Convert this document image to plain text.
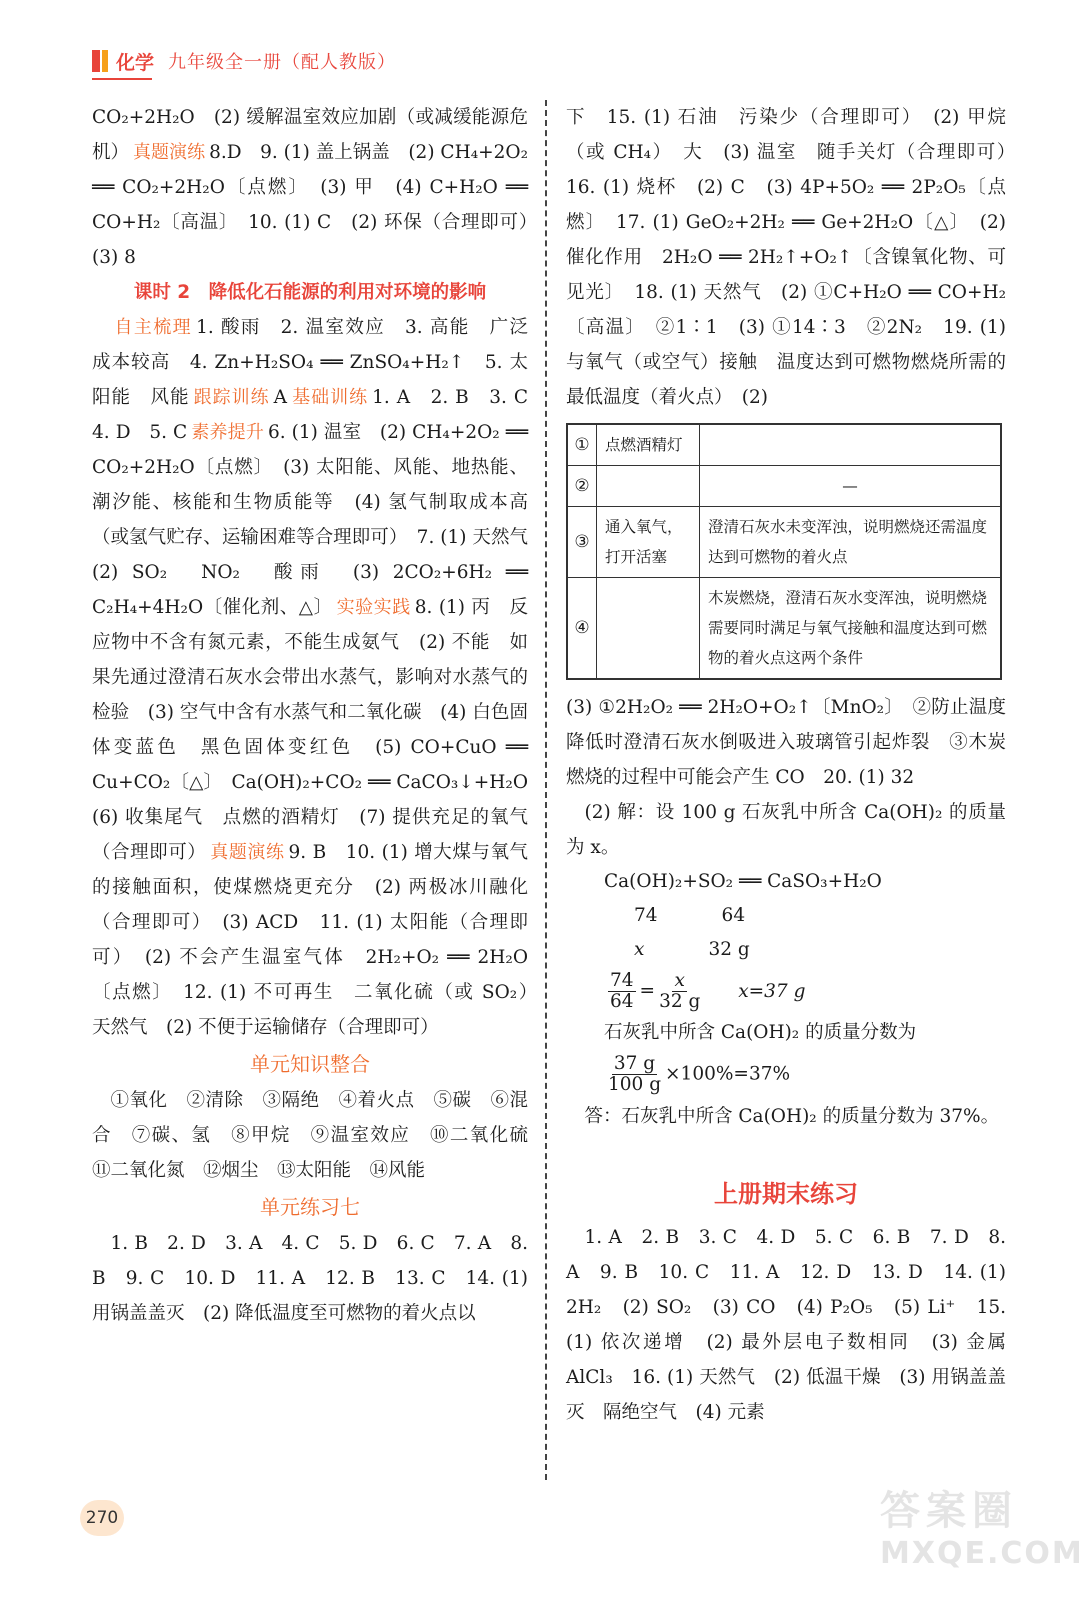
化学 九年级全一册（配人教版）

CO₂+2H₂O　(2) 缓解温室效应加剧（或减缓能源危机） 真题演练 8.D　9. (1) 盖上锅盖　(2) CH₄+2O₂ ══ CO₂+2H₂O〔点燃〕　(3) 甲　(4) C+H₂O ══ CO+H₂〔高温〕　10. (1) C　(2) 环保（合理即可）　(3) 8

课时 2　降低化石能源的利用对环境的影响

自主梳理 1. 酸雨　2. 温室效应　3. 高能　广泛　成本较高　4. Zn+H₂SO₄ ══ ZnSO₄+H₂↑　5. 太阳能　风能 跟踪训练 A 基础训练 1. A　2. B　3. C　4. D　5. C 素养提升 6. (1) 温室　(2) CH₄+2O₂ ══ CO₂+2H₂O〔点燃〕　(3) 太阳能、风能、地热能、潮汐能、核能和生物质能等　(4) 氢气制取成本高（或氢气贮存、运输困难等合理即可）　7. (1) 天然气　(2) SO₂　NO₂　酸雨　(3) 2CO₂+6H₂ ══ C₂H₄+4H₂O〔催化剂、△〕 实验实践 8. (1) 丙　反应物中不含有氮元素，不能生成氨气　(2) 不能　如果先通过澄清石灰水会带出水蒸气，影响对水蒸气的检验　(3) 空气中含有水蒸气和二氧化碳　(4) 白色固体变蓝色　黑色固体变红色　(5) CO+CuO ══ Cu+CO₂〔△〕　Ca(OH)₂+CO₂ ══ CaCO₃↓+H₂O　(6) 收集尾气　点燃的酒精灯　(7) 提供充足的氧气（合理即可） 真题演练 9. B　10. (1) 增大煤与氧气的接触面积，使煤燃烧更充分　(2) 两极冰川融化（合理即可）　(3) ACD　11. (1) 太阳能（合理即可）　(2) 不会产生温室气体　2H₂+O₂ ══ 2H₂O〔点燃〕　12. (1) 不可再生　二氧化硫（或 SO₂）　天然气　(2) 不便于运输储存（合理即可）

单元知识整合

①氧化　②清除　③隔绝　④着火点　⑤碳　⑥混合　⑦碳、氢　⑧甲烷　⑨温室效应　⑩二氧化硫　⑪二氧化氮　⑫烟尘　⑬太阳能　⑭风能

单元练习七

1. B　2. D　3. A　4. C　5. D　6. C　7. A　8. B　9. C　10. D　11. A　12. B　13. C　14. (1) 用锅盖盖灭　(2) 降低温度至可燃物的着火点以

下　15. (1) 石油　污染少（合理即可）　(2) 甲烷（或 CH₄）　大　(3) 温室　随手关灯（合理即可）　16. (1) 烧杯　(2) C　(3) 4P+5O₂ ══ 2P₂O₅〔点燃〕　17. (1) GeO₂+2H₂ ══ Ge+2H₂O〔△〕　(2) 催化作用　2H₂O ══ 2H₂↑+O₂↑〔含镍氧化物、可见光〕　18. (1) 天然气　(2) ①C+H₂O ══ CO+H₂〔高温〕　②1∶1　(3) ①14∶3　②2N₂　19. (1) 与氧气（或空气）接触　温度达到可燃物燃烧所需的最低温度（着火点）　(2)

①	点燃酒精灯	
②		—
③	通入氧气，打开活塞	澄清石灰水未变浑浊，说明燃烧还需温度达到可燃物的着火点
④		木炭燃烧，澄清石灰水变浑浊，说明燃烧需要同时满足与氧气接触和温度达到可燃物的着火点这两个条件

(3) ①2H₂O₂ ══ 2H₂O+O₂↑〔MnO₂〕　②防止温度降低时澄清石灰水倒吸进入玻璃管引起炸裂　③木炭燃烧的过程中可能会产生 CO　20. (1) 32

(2) 解：设 100 g 石灰乳中所含 Ca(OH)₂ 的质量为 x。

Ca(OH)₂+SO₂ ══ CaSO₃+H₂O
74	64
x	32 g
$\frac{74}{64} = \frac{x}{32 g} x=37$ g
石灰乳中所含 Ca(OH)₂ 的质量分数为
$\frac{37 g}{100 g} \times 100\%=37\%$

答：石灰乳中所含 Ca(OH)₂ 的质量分数为 37%。

上册期末练习

1. A　2. B　3. C　4. D　5. C　6. B　7. D　8. A　9. B　10. C　11. A　12. D　13. D　14. (1) 2H₂　(2) SO₂　(3) CO　(4) P₂O₅　(5) Li⁺　15. (1) 依次递增　(2) 最外层电子数相同　(3) 金属　AlCl₃　16. (1) 天然气　(2) 低温干燥　(3) 用锅盖盖灭　隔绝空气　(4) 元素

270	答案圈
MXQE.COM
